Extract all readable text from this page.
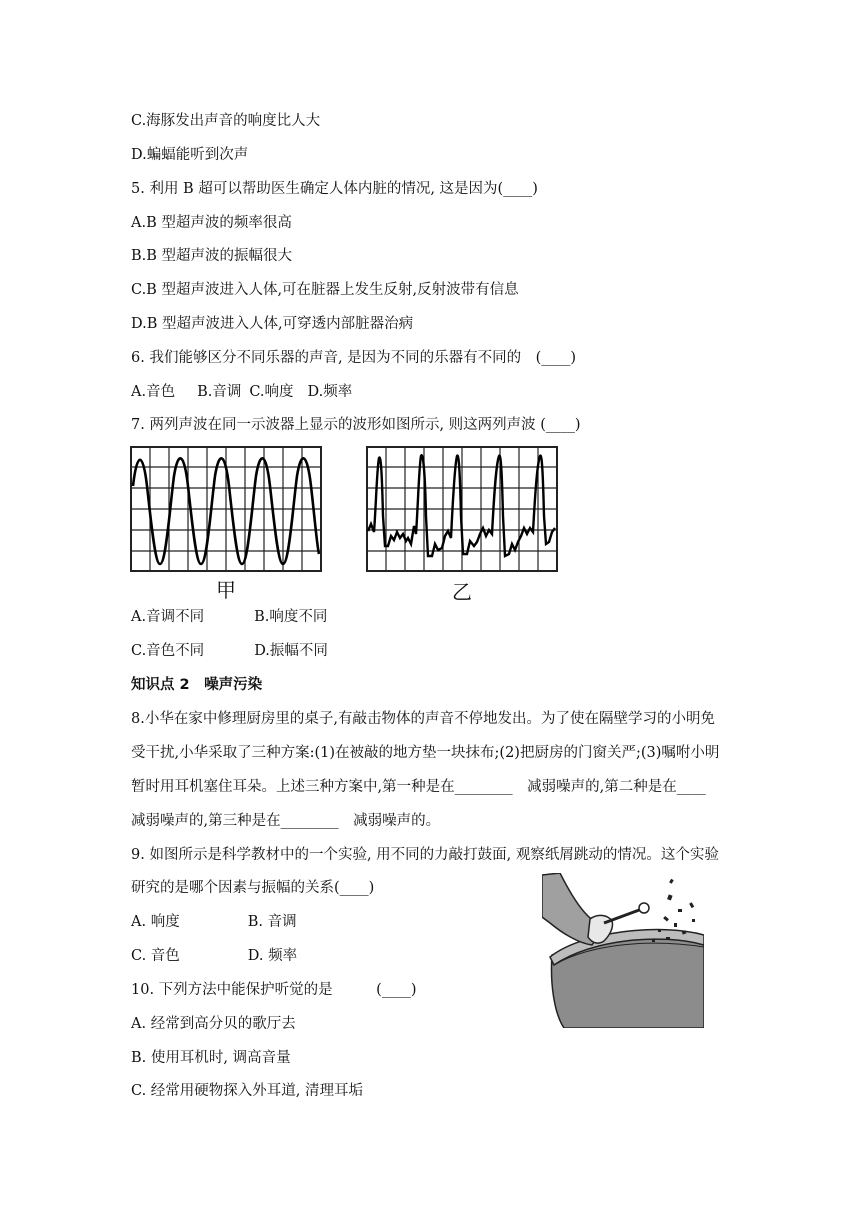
C.海豚发出声音的响度比人大
D.蝙蝠能听到次声
5. 利用 B 超可以帮助医生确定人体内脏的情况, 这是因为(____)
A.B 型超声波的频率很高
B.B 型超声波的振幅很大
C.B 型超声波进入人体,可在脏器上发生反射,反射波带有信息
D.B 型超声波进入人体,可穿透内部脏器治病
6. 我们能够区分不同乐器的声音, 是因为不同的乐器有不同的　(____)
A.音色 B.音调 C.响度 D.频率
7. 两列声波在同一示波器上显示的波形如图所示, 则这两列声波 (____)
甲	乙
A.音调不同	B.响度不同
C.音色不同	D.振幅不同
知识点 2　噪声污染
8.小华在家中修理厨房里的桌子,有敲击物体的声音不停地发出。为了使在隔壁学习的小明免
受干扰,小华采取了三种方案:(1)在被敲的地方垫一块抹布;(2)把厨房的门窗关严;(3)嘱咐小明
暂时用耳机塞住耳朵。上述三种方案中,第一种是在________　减弱噪声的,第二种是在____
减弱噪声的,第三种是在________　减弱噪声的。
9. 如图所示是科学教材中的一个实验, 用不同的力敲打鼓面, 观察纸屑跳动的情况。这个实验
研究的是哪个因素与振幅的关系(____)
A. 响度	B. 音调
C. 音色	D. 频率
10. 下列方法中能保护听觉的是　　　(____)
A. 经常到高分贝的歌厅去
B. 使用耳机时, 调高音量
C. 经常用硬物探入外耳道, 清理耳垢
